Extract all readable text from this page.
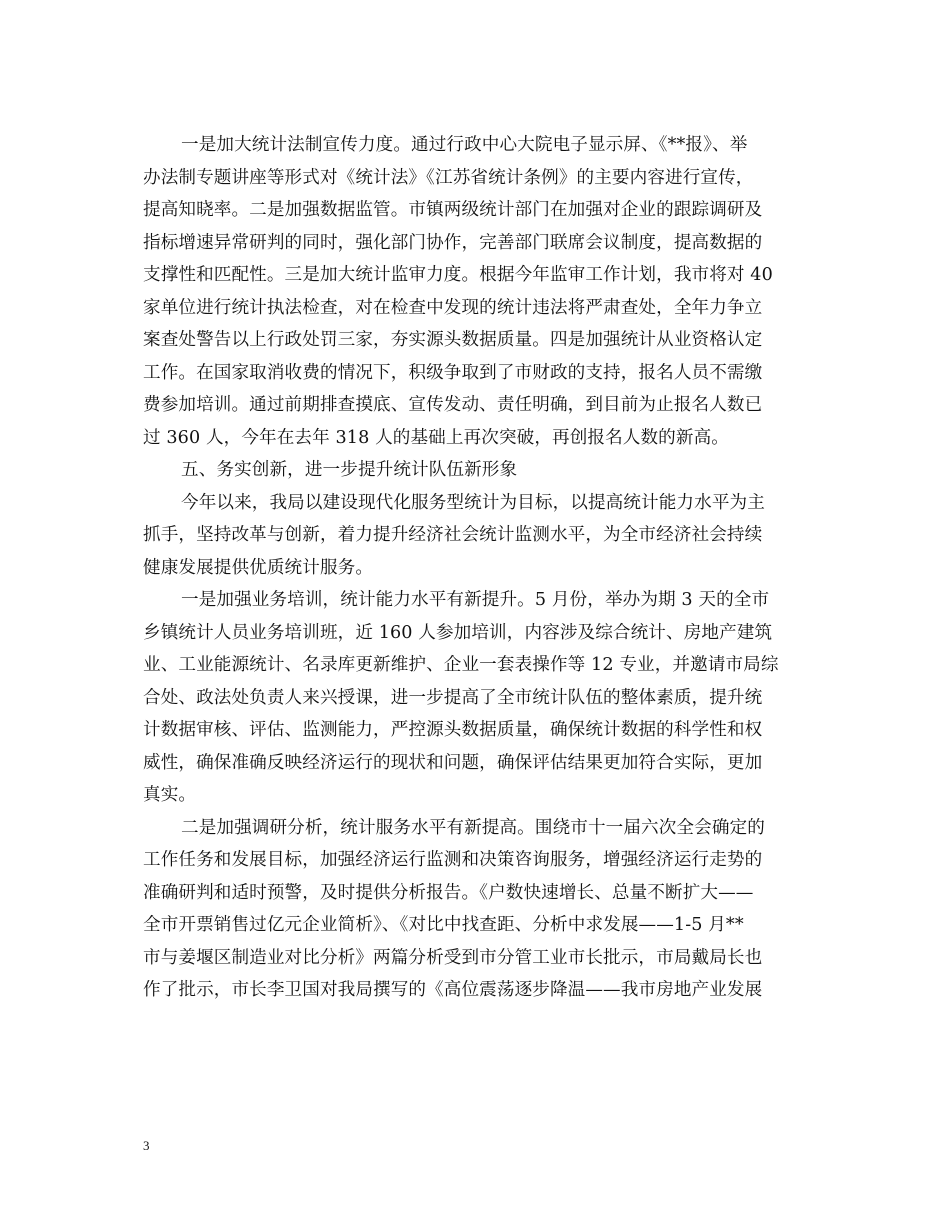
一是加大统计法制宣传力度。通过行政中心大院电子显示屏、《**报》、举
办法制专题讲座等形式对《统计法》《江苏省统计条例》的主要内容进行宣传，
提高知晓率。二是加强数据监管。市镇两级统计部门在加强对企业的跟踪调研及
指标增速异常研判的同时，强化部门协作，完善部门联席会议制度，提高数据的
支撑性和匹配性。三是加大统计监审力度。根据今年监审工作计划，我市将对 40
家单位进行统计执法检查，对在检查中发现的统计违法将严肃查处，全年力争立
案查处警告以上行政处罚三家，夯实源头数据质量。四是加强统计从业资格认定
工作。在国家取消收费的情况下，积级争取到了市财政的支持，报名人员不需缴
费参加培训。通过前期排查摸底、宣传发动、责任明确，到目前为止报名人数已
过 360 人，今年在去年 318 人的基础上再次突破，再创报名人数的新高。
五、务实创新，进一步提升统计队伍新形象
今年以来，我局以建设现代化服务型统计为目标，以提高统计能力水平为主
抓手，坚持改革与创新，着力提升经济社会统计监测水平，为全市经济社会持续
健康发展提供优质统计服务。
一是加强业务培训，统计能力水平有新提升。5 月份，举办为期 3 天的全市
乡镇统计人员业务培训班，近 160 人参加培训，内容涉及综合统计、房地产建筑
业、工业能源统计、名录库更新维护、企业一套表操作等 12 专业，并邀请市局综
合处、政法处负责人来兴授课，进一步提高了全市统计队伍的整体素质，提升统
计数据审核、评估、监测能力，严控源头数据质量，确保统计数据的科学性和权
威性，确保准确反映经济运行的现状和问题，确保评估结果更加符合实际，更加
真实。
二是加强调研分析，统计服务水平有新提高。围绕市十一届六次全会确定的
工作任务和发展目标，加强经济运行监测和决策咨询服务，增强经济运行走势的
准确研判和适时预警，及时提供分析报告。《户数快速增长、总量不断扩大——
全市开票销售过亿元企业简析》、《对比中找查距、分析中求发展——1-5 月**
市与姜堰区制造业对比分析》两篇分析受到市分管工业市长批示，市局戴局长也
作了批示，市长李卫国对我局撰写的《高位震荡逐步降温——我市房地产业发展
3
